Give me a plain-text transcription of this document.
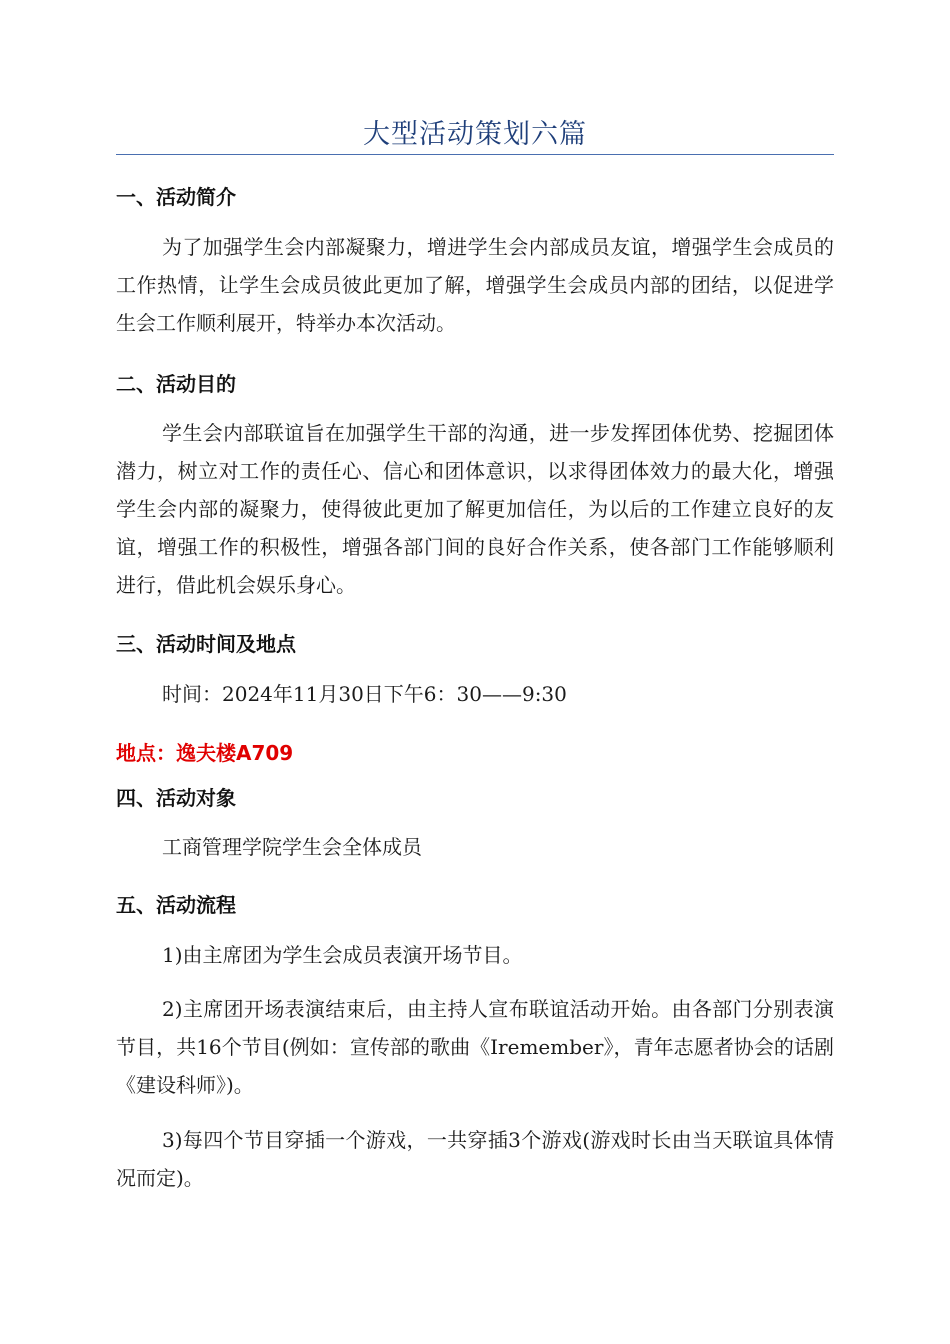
大型活动策划六篇
一、活动简介
为了加强学生会内部凝聚力，增进学生会内部成员友谊，增强学生会成员的工作热情，让学生会成员彼此更加了解，增强学生会成员内部的团结，以促进学生会工作顺利展开，特举办本次活动。
二、活动目的
学生会内部联谊旨在加强学生干部的沟通，进一步发挥团体优势、挖掘团体潜力，树立对工作的责任心、信心和团体意识，以求得团体效力的最大化，增强学生会内部的凝聚力，使得彼此更加了解更加信任，为以后的工作建立良好的友谊，增强工作的积极性，增强各部门间的良好合作关系，使各部门工作能够顺利进行，借此机会娱乐身心。
三、活动时间及地点
时间：2024年11月30日下午6：30——9:30
地点：逸夫楼A709
四、活动对象
工商管理学院学生会全体成员
五、活动流程
1)由主席团为学生会成员表演开场节目。
2)主席团开场表演结束后，由主持人宣布联谊活动开始。由各部门分别表演节目，共16个节目(例如：宣传部的歌曲《Iremember》，青年志愿者协会的话剧《建设科师》)。
3)每四个节目穿插一个游戏，一共穿插3个游戏(游戏时长由当天联谊具体情况而定)。
